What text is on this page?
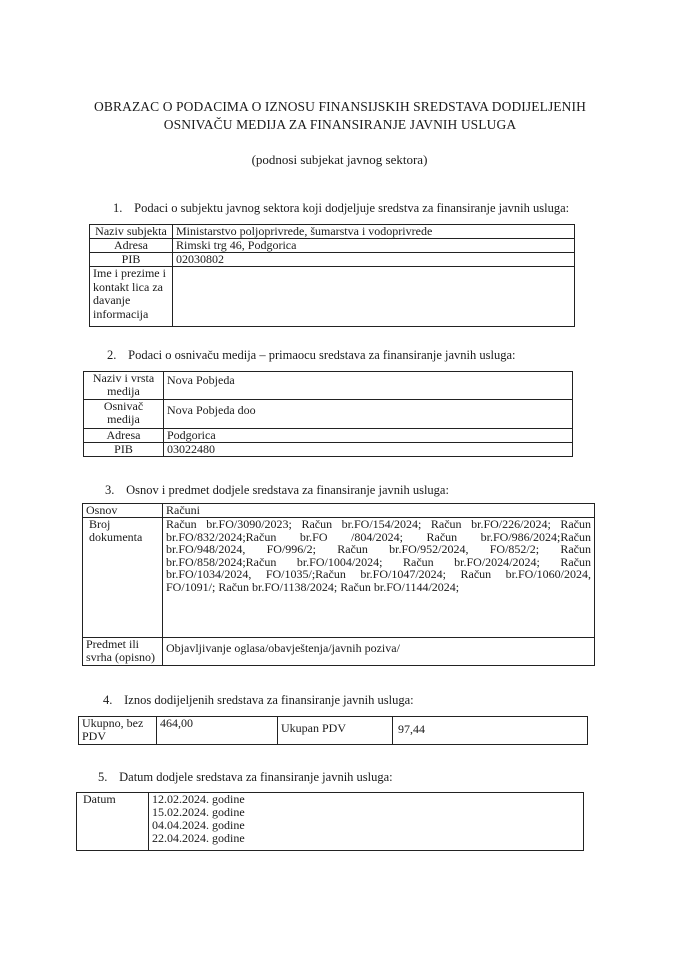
OBRAZAC O PODACIMA O IZNOSU FINANSIJSKIH SREDSTAVA DODIJELJENIH
OSNIVAČU MEDIJA ZA FINANSIRANJE JAVNIH USLUGA
(podnosi subjekat javnog sektora)
1. Podaci o subjektu javnog sektora koji dodjeljuje sredstva za finansiranje javnih usluga:
Naziv subjekta	Ministarstvo poljoprivrede, šumarstva i vodoprivrede
Adresa	Rimski trg 46, Podgorica
PIB	02030802
Ime i prezime i kontakt lica za davanje informacija	
2. Podaci o osnivaču medija – primaocu sredstava za finansiranje javnih usluga:
Naziv i vrsta medija	Nova Pobjeda
Osnivač medija	Nova Pobjeda doo
Adresa	Podgorica
PIB	03022480
3. Osnov i predmet dodjele sredstava za finansiranje javnih usluga:
Osnov	Računi
Broj dokumenta	Račun br.FO/3090/2023; Račun br.FO/154/2024; Račun br.FO/226/2024; Račun br.FO/832/2024;Račun br.FO /804/2024; Račun br.FO/986/2024;Račun br.FO/948/2024, FO/996/2; Račun br.FO/952/2024, FO/852/2; Račun br.FO/858/2024;Račun br.FO/1004/2024; Račun br.FO/2024/2024; Račun br.FO/1034/2024, FO/1035/;Račun br.FO/1047/2024; Račun br.FO/1060/2024, FO/1091/; Račun br.FO/1138/2024; Račun br.FO/1144/2024;
Predmet ili svrha (opisno)	Objavljivanje oglasa/obavještenja/javnih poziva/
4. Iznos dodijeljenih sredstava za finansiranje javnih usluga:
Ukupno, bez PDV	464,00	Ukupan PDV	97,44
5. Datum dodjele sredstava za finansiranje javnih usluga:
Datum	12.02.2024. godine
15.02.2024. godine
04.04.2024. godine
22.04.2024. godine
